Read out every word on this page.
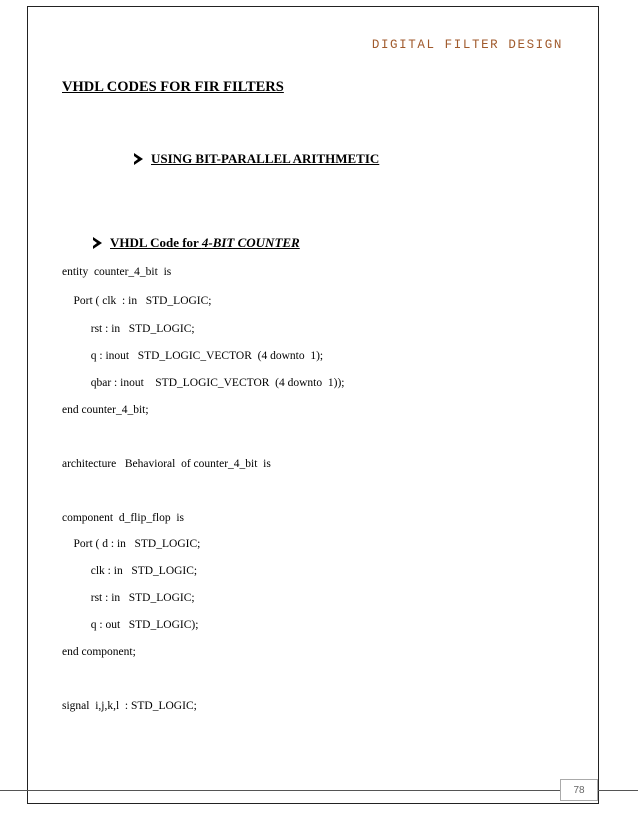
DIGITAL FILTER DESIGN
VHDL CODES FOR FIR FILTERS
USING BIT-PARALLEL ARITHMETIC
VHDL Code for 4-BIT COUNTER
entity  counter_4_bit  is
Port ( clk  : in   STD_LOGIC;
rst : in   STD_LOGIC;
q : inout   STD_LOGIC_VECTOR  (4 downto  1);
qbar : inout    STD_LOGIC_VECTOR  (4 downto  1));
end counter_4_bit;
architecture   Behavioral  of counter_4_bit  is
component  d_flip_flop  is
Port ( d : in   STD_LOGIC;
clk : in   STD_LOGIC;
rst : in   STD_LOGIC;
q : out   STD_LOGIC);
end component;
signal  i,j,k,l  : STD_LOGIC;
78
